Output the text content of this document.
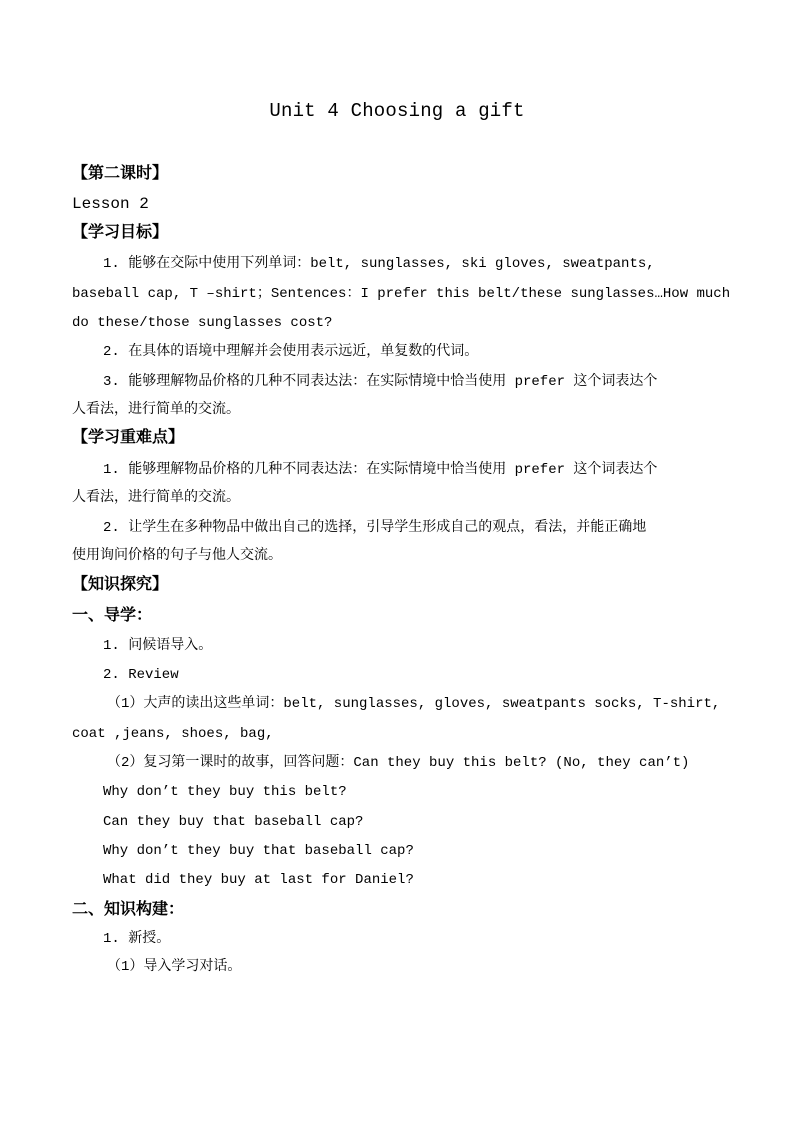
Unit 4 Choosing a gift
【第二课时】
Lesson 2
【学习目标】
1. 能够在交际中使用下列单词：belt, sunglasses, ski gloves, sweatpants,
baseball cap, T –shirt；Sentences：I prefer this belt/these sunglasses…How much
do these/those sunglasses cost?
2. 在具体的语境中理解并会使用表示远近，单复数的代词。
3. 能够理解物品价格的几种不同表达法：在实际情境中恰当使用 prefer 这个词表达个
人看法，进行简单的交流。
【学习重难点】
1. 能够理解物品价格的几种不同表达法：在实际情境中恰当使用 prefer 这个词表达个
人看法，进行简单的交流。
2. 让学生在多种物品中做出自己的选择，引导学生形成自己的观点，看法，并能正确地
使用询问价格的句子与他人交流。
【知识探究】
一、导学：
1. 问候语导入。
2. Review
（1）大声的读出这些单词：belt, sunglasses, gloves, sweatpants socks, T-shirt,
coat ,jeans, shoes, bag,
（2）复习第一课时的故事，回答问题：Can they buy this belt? (No, they can’t)
Why don’t they buy this belt?
Can they buy that baseball cap?
Why don’t they buy that baseball cap?
What did they buy at last for Daniel?
二、知识构建：
1. 新授。
（1）导入学习对话。
